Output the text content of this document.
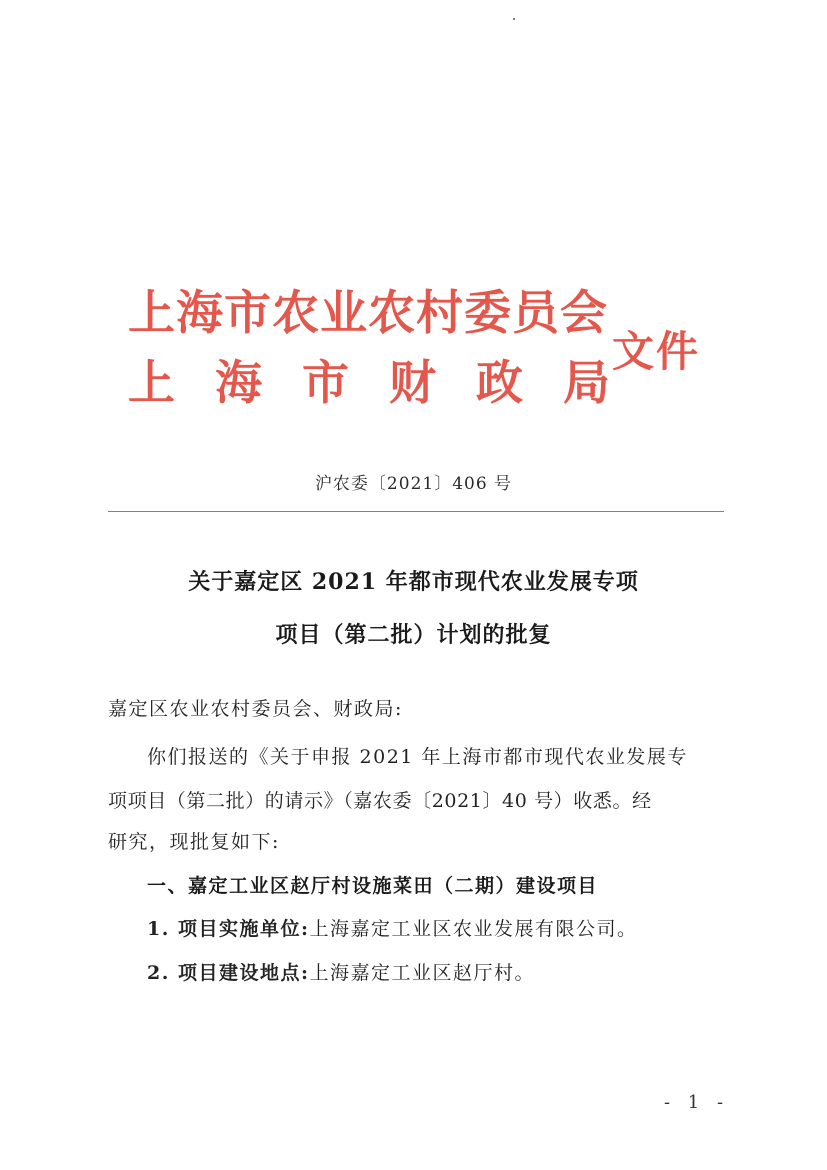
上海市农业农村委员会
上海市财政局
文件
沪农委〔2021〕406 号
关于嘉定区 2021 年都市现代农业发展专项
项目（第二批）计划的批复
嘉定区农业农村委员会、财政局:
你们报送的《关于申报 2021 年上海市都市现代农业发展专
项项目（第二批）的请示》（嘉农委〔2021〕40 号）收悉。经
研究，现批复如下:
一、嘉定工业区赵厅村设施菜田（二期）建设项目
1. 项目实施单位:上海嘉定工业区农业发展有限公司。
2. 项目建设地点:上海嘉定工业区赵厅村。
- 1 -
